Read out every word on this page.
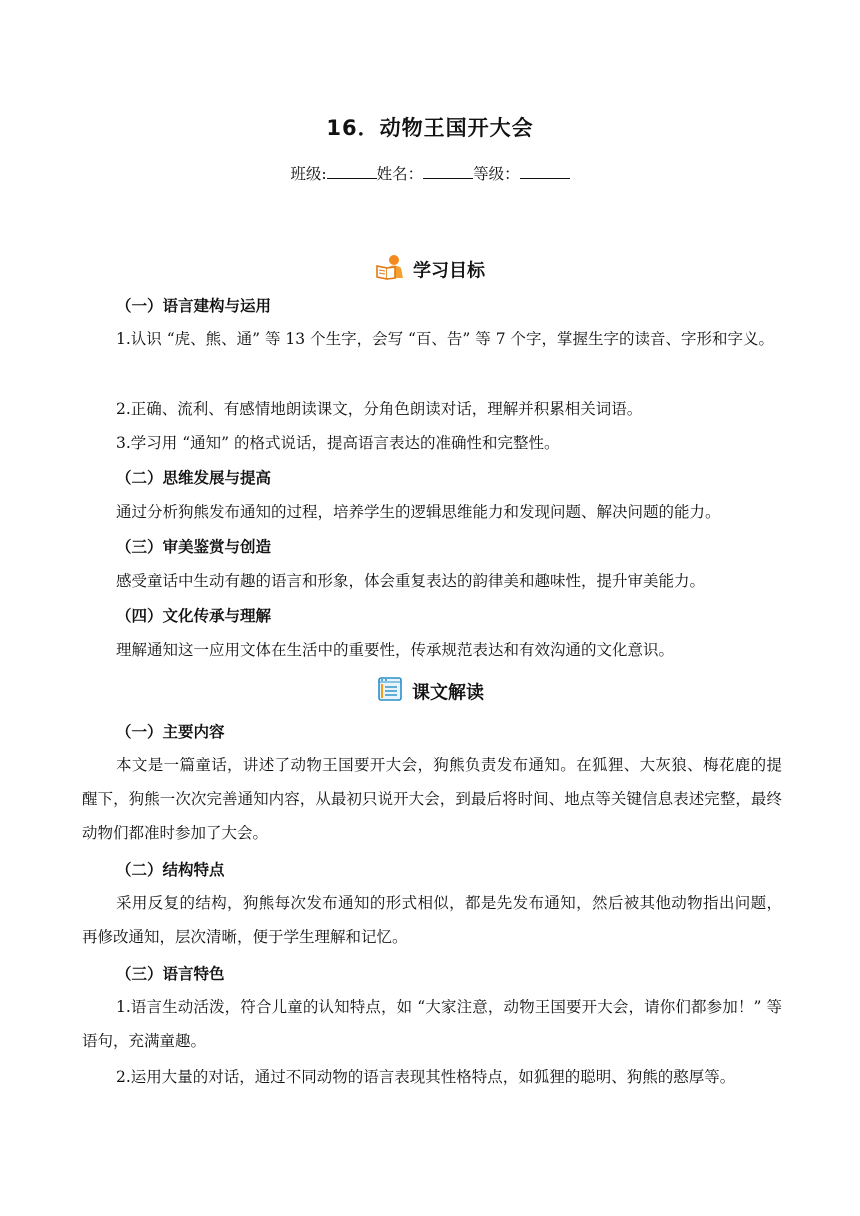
16．动物王国开大会
班级:	姓名：	等级：
学习目标
（一）语言建构与运用
1.认识 “虎、熊、通” 等 13 个生字，会写 “百、告” 等 7 个字，掌握生字的读音、字形和字义。
2.正确、流利、有感情地朗读课文，分角色朗读对话，理解并积累相关词语。
3.学习用 “通知” 的格式说话，提高语言表达的准确性和完整性。
（二）思维发展与提高
通过分析狗熊发布通知的过程，培养学生的逻辑思维能力和发现问题、解决问题的能力。
（三）审美鉴赏与创造
感受童话中生动有趣的语言和形象，体会重复表达的韵律美和趣味性，提升审美能力。
（四）文化传承与理解
理解通知这一应用文体在生活中的重要性，传承规范表达和有效沟通的文化意识。
课文解读
（一）主要内容
本文是一篇童话，讲述了动物王国要开大会，狗熊负责发布通知。在狐狸、大灰狼、梅花鹿的提醒下，狗熊一次次完善通知内容，从最初只说开大会，到最后将时间、地点等关键信息表述完整，最终动物们都准时参加了大会。
（二）结构特点
采用反复的结构，狗熊每次发布通知的形式相似，都是先发布通知，然后被其他动物指出问题，再修改通知，层次清晰，便于学生理解和记忆。
（三）语言特色
1.语言生动活泼，符合儿童的认知特点，如 “大家注意，动物王国要开大会，请你们都参加！” 等语句，充满童趣。
2.运用大量的对话，通过不同动物的语言表现其性格特点，如狐狸的聪明、狗熊的憨厚等。
